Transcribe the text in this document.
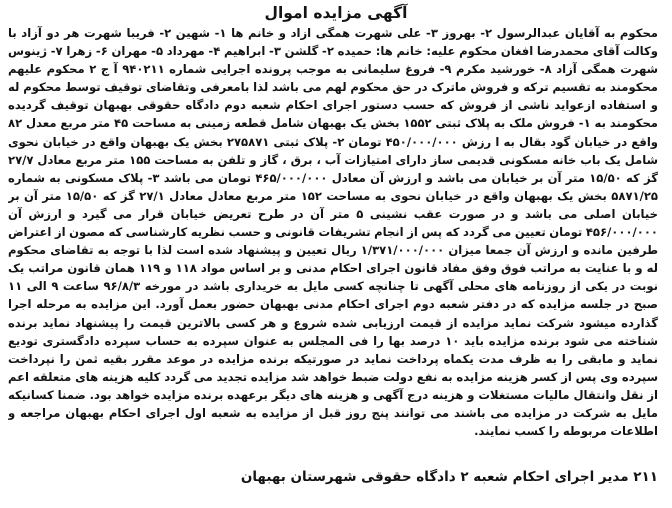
آگهی مزایده اموال
محکوم به آقایان عبدالرسول ۲- بهروز ۳- علی شهرت همگی ازاد و خانم ها ۱- شهین ۲- فریبا شهرت هر دو آزاد با وکالت آقای محمدرضا افغان محکوم علیه: خانم ها: حمیده ۲- گلشن ۳- ابراهیم ۴- مهرداد ۵- مهران ۶- زهرا ۷- ژینوس شهرت همگی آزاد ۸- خورشید مکرم ۹- فروغ سلیمانی به موجب پرونده اجرایی شماره ۹۴۰۲۱۱ آ ج ۲ محکوم علیهم محکومند به تقسیم ترکه و فروش ماترک در حق محکوم لهم می باشد لذا بامعرفی وتقاضای توقیف توسط محکوم له و استفاده ازعواید ناشی از فروش که حسب دستور اجرای احکام شعبه دوم دادگاه حقوقی بهبهان توقیف گردیده محکومند به ۱- فروش ملک به پلاک ثبتی ۱۵۵۲ بخش یک بهبهان شامل قطعه زمینی به مساحت ۴۵ متر مربع معدل ۸۲ واقع در خیابان گود بقال به ا رزش ۴۵۰/۰۰۰/۰۰۰ تومان ۲- پلاک ثبتی ۲۷۵۸۷۱ بخش یک بهبهان واقع در خیابان نحوی شامل یک باب خانه مسکونی قدیمی ساز دارای امتیازات آب ، برق ، گاز و تلفن به مساحت ۱۵۵ متر مربع معادل ۲۷/۷ گز که ۱۵/۵۰ متر آن بر خیابان می باشد و ارزش آن معادل ۴۶۵/۰۰۰/۰۰۰ تومان می باشد ۳- پلاک مسکونی به شماره ۵۸۷۱/۲۵ بخش یک بهبهان واقع در خیابان نحوی به مساحت ۱۵۲ متر مربع معادل معادل ۲۷/۱ گز که ۱۵/۵۰ متر آن بر خیابان اصلی می باشد و در صورت عقب نشینی ۵ متر آن در طرح تعریض خیابان قرار می گیرد و ارزش آن ۴۵۶/۰۰۰/۰۰۰ تومان تعیین می گردد که پس از انجام تشریفات قانونی و حسب نظریه کارشناسی که مصون از اعتراض طرفین مانده و ارزش آن جمعا میزان ۱/۳۷۱/۰۰۰/۰۰۰ ریال تعیین و پیشنهاد شده است لذا با توجه به تقاضای محکوم له و با عنایت به مراتب فوق وفق مفاد قانون اجرای احکام مدنی و بر اساس مواد ۱۱۸ و ۱۱۹ همان قانون مراتب یک نوبت در یکی از روزنامه های محلی آگهی تا چنانچه کسی مایل به خریداری باشد در مورخه ۹۶/۸/۳ ساعت ۹ الی ۱۱ صبح در جلسه مزایده که در دفتر شعبه دوم اجرای احکام مدنی بهبهان حضور بعمل آورد. این مزایده به مرحله اجرا گذارده میشود شرکت نماید مزایده از قیمت ارزیابی شده شروع و هر کسی بالاترین قیمت را پیشنهاد نماید برنده شناخته می شود برنده مزایده باید ۱۰ درصد بها را فی المجلس به عنوان سپرده به حساب سپرده دادگستری تودیع نماید و مابقی را به ظرف مدت یکماه پرداخت نماید در صورتیکه برنده مزایده در موعد مقرر بقیه ثمن را نپرداخت سپرده وی پس از کسر هزینه مزایده به نفع دولت ضبط خواهد شد مزایده تجدید می گردد کلیه هزینه های متعلقه اعم از نقل وانتقال مالیات مستغلات و هزینه درج آگهی و هزینه های دیگر برعهده برنده مزایده خواهد بود. ضمنا کسانیکه مایل به شرکت در مزایده می باشند می توانند پنج روز قبل از مزایده به شعبه اول اجرای احکام بهبهان مراجعه و اطلاعات مربوطه را کسب نمایند.
۲۱۱ مدیر اجرای احکام شعبه ۲ دادگاه حقوقی شهرستان بهبهان
